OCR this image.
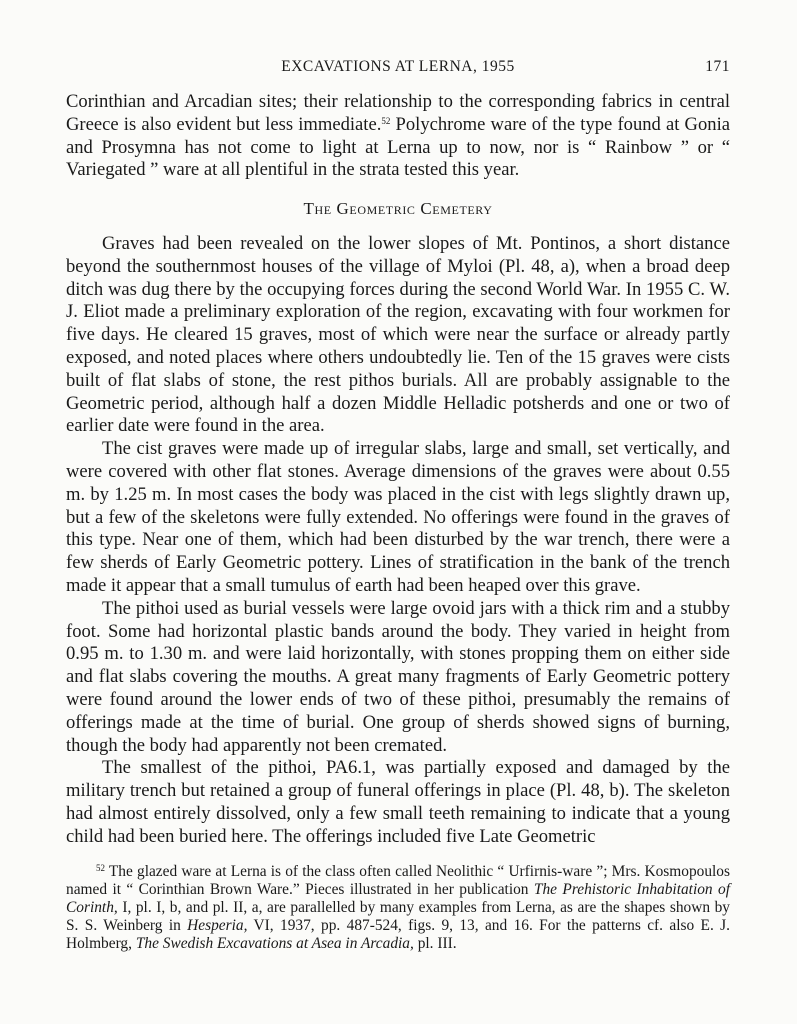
EXCAVATIONS AT LERNA, 1955	171

Corinthian and Arcadian sites; their relationship to the corresponding fabrics in central Greece is also evident but less immediate.$^{52}$ Polychrome ware of the type found at Gonia and Prosymna has not come to light at Lerna up to now, nor is “ Rainbow ” or “ Variegated ” ware at all plentiful in the strata tested this year.

The Geometric Cemetery

Graves had been revealed on the lower slopes of Mt. Pontinos, a short distance beyond the southernmost houses of the village of Myloi (Pl. 48, a), when a broad deep ditch was dug there by the occupying forces during the second World War. In 1955 C. W. J. Eliot made a preliminary exploration of the region, excavating with four workmen for five days. He cleared 15 graves, most of which were near the surface or already partly exposed, and noted places where others undoubtedly lie. Ten of the 15 graves were cists built of flat slabs of stone, the rest pithos burials. All are probably assignable to the Geometric period, although half a dozen Middle Helladic potsherds and one or two of earlier date were found in the area.

The cist graves were made up of irregular slabs, large and small, set vertically, and were covered with other flat stones. Average dimensions of the graves were about 0.55 m. by 1.25 m. In most cases the body was placed in the cist with legs slightly drawn up, but a few of the skeletons were fully extended. No offerings were found in the graves of this type. Near one of them, which had been disturbed by the war trench, there were a few sherds of Early Geometric pottery. Lines of stratification in the bank of the trench made it appear that a small tumulus of earth had been heaped over this grave.

The pithoi used as burial vessels were large ovoid jars with a thick rim and a stubby foot. Some had horizontal plastic bands around the body. They varied in height from 0.95 m. to 1.30 m. and were laid horizontally, with stones propping them on either side and flat slabs covering the mouths. A great many fragments of Early Geometric pottery were found around the lower ends of two of these pithoi, presumably the remains of offerings made at the time of burial. One group of sherds showed signs of burning, though the body had apparently not been cremated.

The smallest of the pithoi, PA6.1, was partially exposed and damaged by the military trench but retained a group of funeral offerings in place (Pl. 48, b). The skeleton had almost entirely dissolved, only a few small teeth remaining to indicate that a young child had been buried here. The offerings included five Late Geometric

$^{52}$ The glazed ware at Lerna is of the class often called Neolithic “ Urfirnis-ware ”; Mrs. Kosmopoulos named it “ Corinthian Brown Ware.” Pieces illustrated in her publication The Prehistoric Inhabitation of Corinth, I, pl. I, b, and pl. II, a, are parallelled by many examples from Lerna, as are the shapes shown by S. S. Weinberg in Hesperia, VI, 1937, pp. 487-524, figs. 9, 13, and 16. For the patterns cf. also E. J. Holmberg, The Swedish Excavations at Asea in Arcadia, pl. III.
